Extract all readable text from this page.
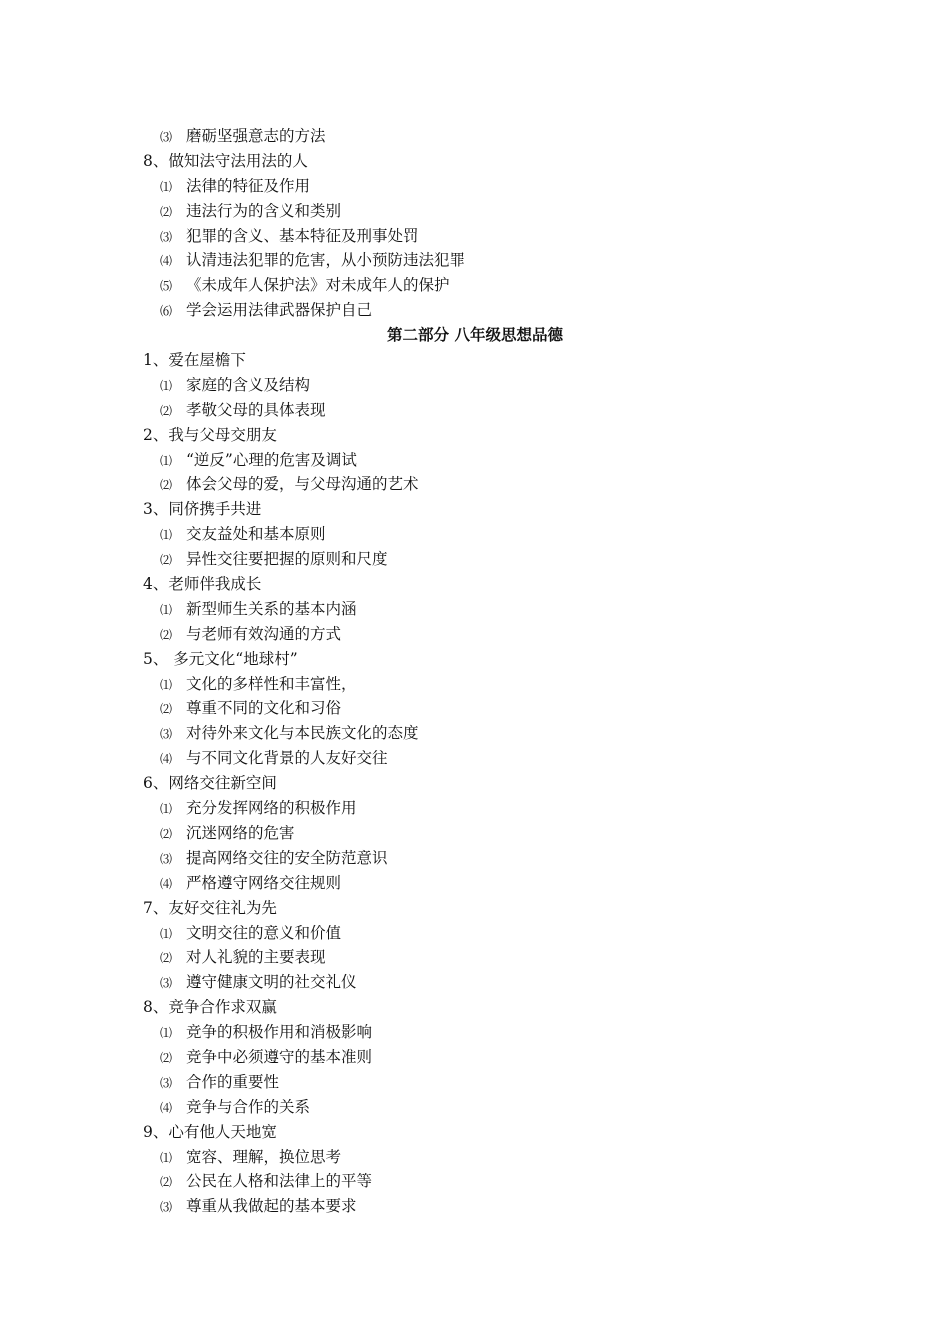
⑶ 磨砺坚强意志的方法
8、做知法守法用法的人
⑴ 法律的特征及作用
⑵ 违法行为的含义和类别
⑶ 犯罪的含义、基本特征及刑事处罚
⑷ 认清违法犯罪的危害，从小预防违法犯罪
⑸ 《未成年人保护法》对未成年人的保护
⑹ 学会运用法律武器保护自己
第二部分 八年级思想品德
1、爱在屋檐下
⑴ 家庭的含义及结构
⑵ 孝敬父母的具体表现
2、我与父母交朋友
⑴ “逆反”心理的危害及调试
⑵ 体会父母的爱，与父母沟通的艺术
3、同侪携手共进
⑴ 交友益处和基本原则
⑵ 异性交往要把握的原则和尺度
4、老师伴我成长
⑴ 新型师生关系的基本内涵
⑵ 与老师有效沟通的方式
5、 多元文化“地球村”
⑴ 文化的多样性和丰富性，
⑵ 尊重不同的文化和习俗
⑶ 对待外来文化与本民族文化的态度
⑷ 与不同文化背景的人友好交往
6、网络交往新空间
⑴ 充分发挥网络的积极作用
⑵ 沉迷网络的危害
⑶ 提高网络交往的安全防范意识
⑷ 严格遵守网络交往规则
7、友好交往礼为先
⑴ 文明交往的意义和价值
⑵ 对人礼貌的主要表现
⑶ 遵守健康文明的社交礼仪
8、竞争合作求双赢
⑴ 竞争的积极作用和消极影响
⑵ 竞争中必须遵守的基本准则
⑶ 合作的重要性
⑷ 竞争与合作的关系
9、心有他人天地宽
⑴ 宽容、理解，换位思考
⑵ 公民在人格和法律上的平等
⑶ 尊重从我做起的基本要求
